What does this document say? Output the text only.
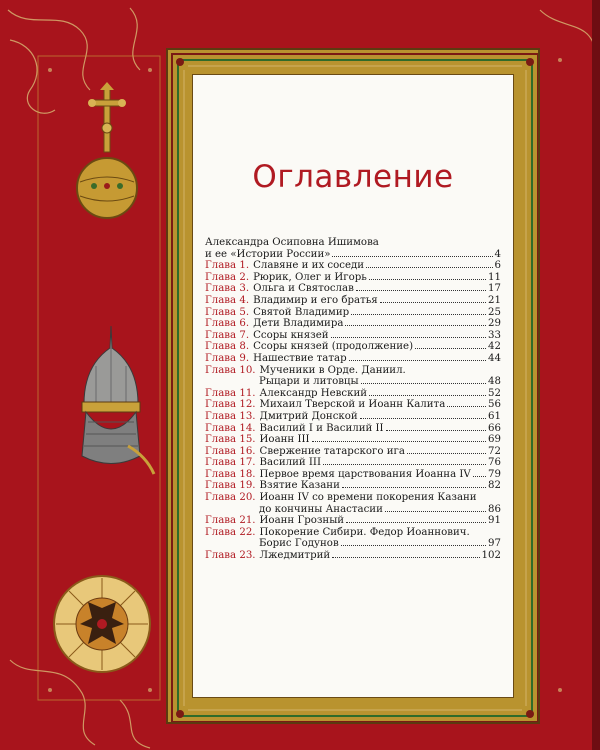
Оглавление
Александра Осиповна Ишимова
и ее «Истории России»	4
Глава 1. Славяне и их соседи	6
Глава 2. Рюрик, Олег и Игорь	11
Глава 3. Ольга и Святослав	17
Глава 4. Владимир и его братья	21
Глава 5. Святой Владимир	25
Глава 6. Дети Владимира	29
Глава 7. Ссоры князей	33
Глава 8. Ссоры князей (продолжение)	42
Глава 9. Нашествие татар	44
Глава 10. Мученики в Орде. Даниил.
Рыцари и литовцы	48
Глава 11. Александр Невский	52
Глава 12. Михаил Тверской и Иоанн Калита	56
Глава 13. Дмитрий Донской	61
Глава 14. Василий I и Василий II	66
Глава 15. Иоанн III	69
Глава 16. Свержение татарского ига	72
Глава 17. Василий III	76
Глава 18. Первое время царствования Иоанна IV 79
Глава 19. Взятие Казани	82
Глава 20. Иоанн IV со времени покорения Казани
до кончины Анастасии	86
Глава 21. Иоанн Грозный	91
Глава 22. Покорение Сибири. Федор Иоаннович.
Борис Годунов	97
Глава 23. Лжедмитрий	102
